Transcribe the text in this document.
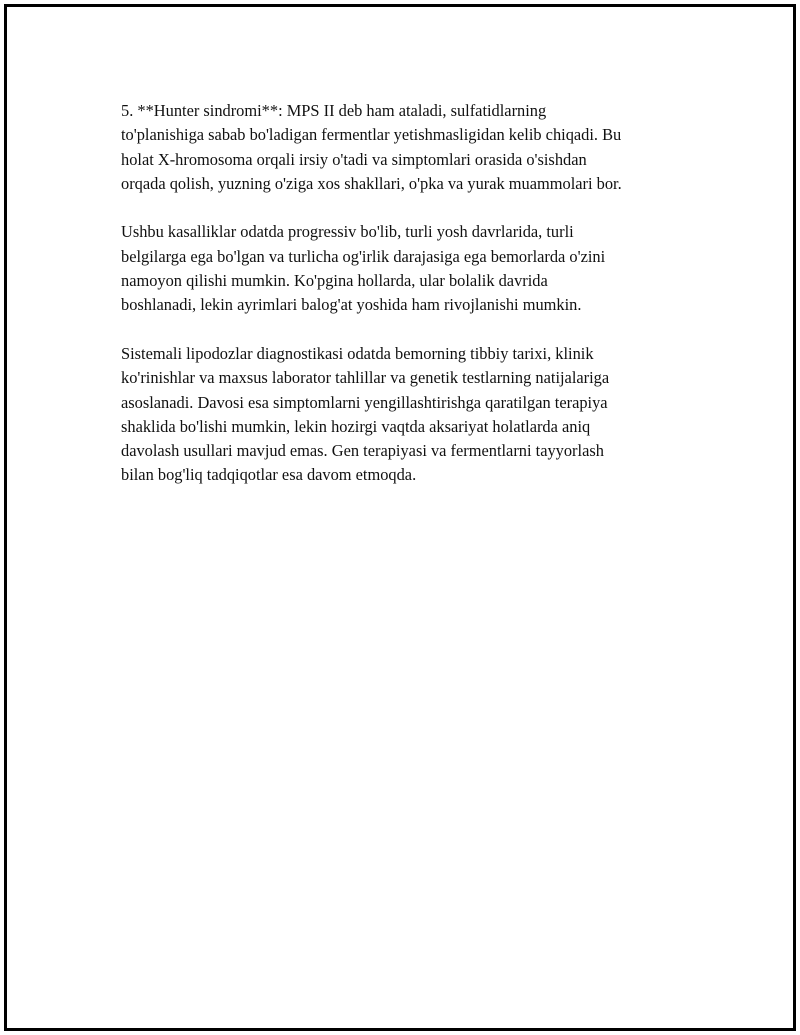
5. **Hunter sindromi**: MPS II deb ham ataladi, sulfatidlarning
to'planishiga sabab bo'ladigan fermentlar yetishmasligidan kelib chiqadi. Bu
holat X-hromosoma orqali irsiy o'tadi va simptomlari orasida o'sishdan
orqada qolish, yuzning o'ziga xos shakllari, o'pka va yurak muammolari bor.

Ushbu kasalliklar odatda progressiv bo'lib, turli yosh davrlarida, turli
belgilarga ega bo'lgan va turlicha og'irlik darajasiga ega bemorlarda o'zini
namoyon qilishi mumkin. Ko'pgina hollarda, ular bolalik davrida
boshlanadi, lekin ayrimlari balog'at yoshida ham rivojlanishi mumkin.

Sistemali lipodozlar diagnostikasi odatda bemorning tibbiy tarixi, klinik
ko'rinishlar va maxsus laborator tahlillar va genetik testlarning natijalariga
asoslanadi. Davosi esa simptomlarni yengillashtirishga qaratilgan terapiya
shaklida bo'lishi mumkin, lekin hozirgi vaqtda aksariyat holatlarda aniq
davolash usullari mavjud emas. Gen terapiyasi va fermentlarni tayyorlash
bilan bog'liq tadqiqotlar esa davom etmoqda.
